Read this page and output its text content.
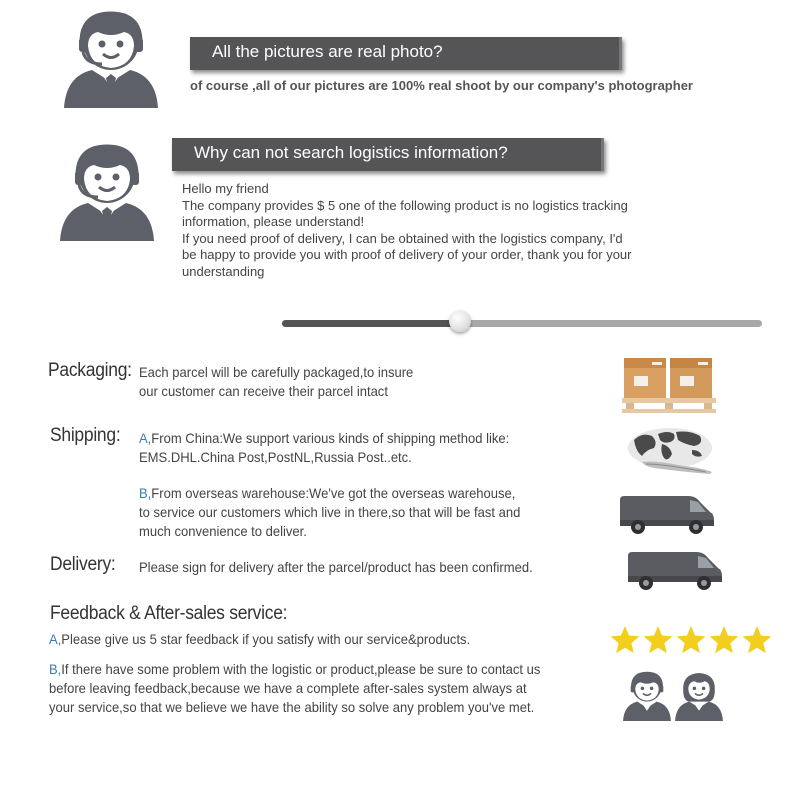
All the pictures are real photo?
of course ,all of our pictures are 100% real shoot by our company's photographer
Why can not search logistics information?
Hello my friend
The company provides $ 5 one of the following product is no logistics tracking
information, please understand!
If you need proof of delivery, I can be obtained with the logistics company, I'd
be happy to provide you with proof of delivery of your order, thank you for your
understanding
Packaging: Each parcel will be carefully packaged,to insure
our customer can receive their parcel intact
Shipping: A,From China:We support various kinds of shipping method like:
EMS.DHL.China Post,PostNL,Russia Post..etc.
B,From overseas warehouse:We've got the overseas warehouse,
to service our customers which live in there,so that will be fast and
much convenience to deliver.
Delivery: Please sign for delivery after the parcel/product has been confirmed.
Feedback & After-sales service:
A,Please give us 5 star feedback if you satisfy with our service&products.
B,If there have some problem with the logistic or product,please be sure to contact us
before leaving feedback,because we have a complete after-sales system always at
your service,so that we believe we have the ability so solve any problem you've met.
